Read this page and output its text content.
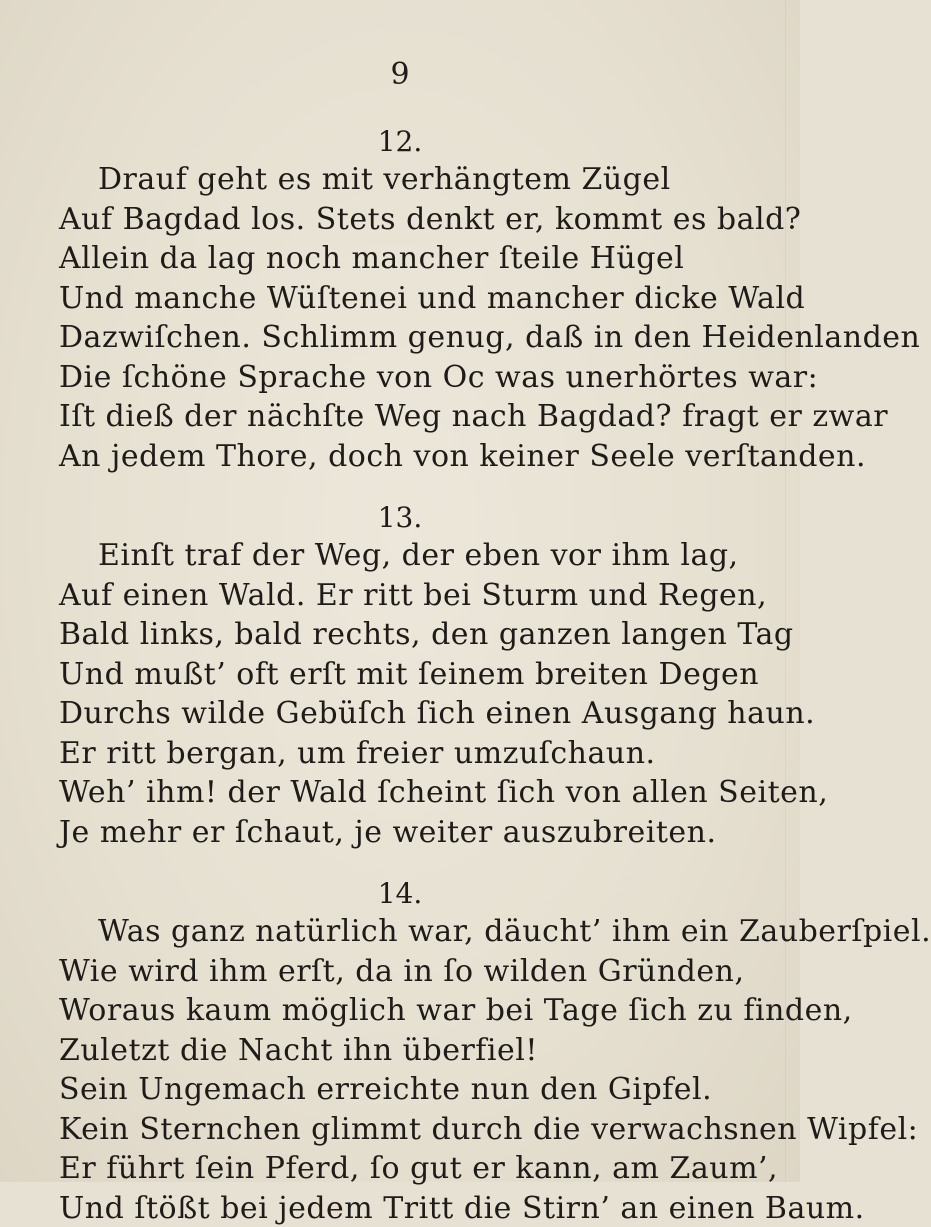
9
12.
Drauf geht es mit verhängtem Zügel
Auf Bagdad los. Stets denkt er, kommt es bald?
Allein da lag noch mancher ſteile Hügel
Und manche Wüſtenei und mancher dicke Wald
Dazwiſchen. Schlimm genug, daß in den Heidenlanden
Die ſchöne Sprache von Oc was unerhörtes war:
Iſt dieß der nächſte Weg nach Bagdad? fragt er zwar
An jedem Thore, doch von keiner Seele verſtanden.
13.
Einſt traf der Weg, der eben vor ihm lag,
Auf einen Wald. Er ritt bei Sturm und Regen,
Bald links, bald rechts, den ganzen langen Tag
Und mußt’ oft erſt mit ſeinem breiten Degen
Durchs wilde Gebüſch ſich einen Ausgang haun.
Er ritt bergan, um freier umzuſchaun.
Weh’ ihm! der Wald ſcheint ſich von allen Seiten,
Je mehr er ſchaut, je weiter auszubreiten.
14.
Was ganz natürlich war, däucht’ ihm ein Zauberſpiel.
Wie wird ihm erſt, da in ſo wilden Gründen,
Woraus kaum möglich war bei Tage ſich zu finden,
Zuletzt die Nacht ihn überfiel!
Sein Ungemach erreichte nun den Gipfel.
Kein Sternchen glimmt durch die verwachsnen Wipfel:
Er führt ſein Pferd, ſo gut er kann, am Zaum’,
Und ſtößt bei jedem Tritt die Stirn’ an einen Baum.
